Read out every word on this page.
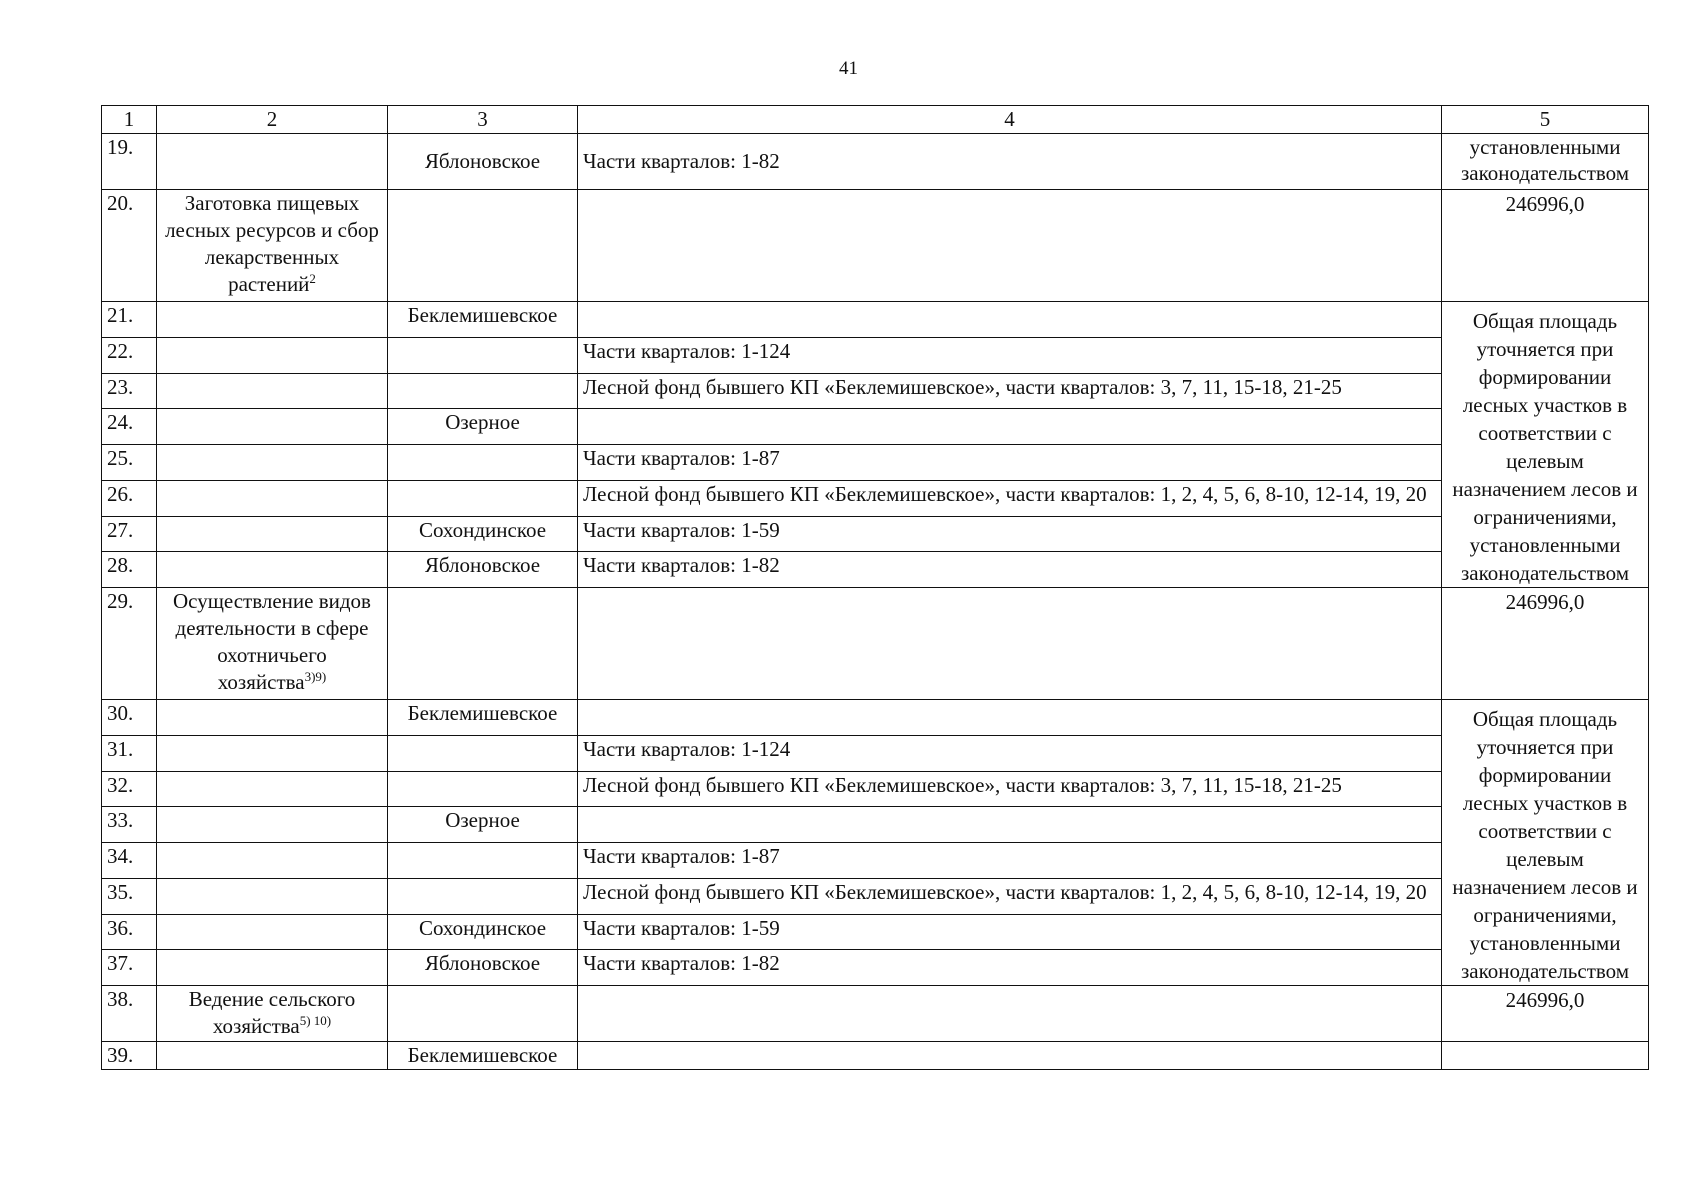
41
1	2	3	4	5
19.		Яблоновское	Части кварталов: 1-82	установленными законодательством
20.	Заготовка пищевых лесных ресурсов и сбор лекарственных растений$^2$			246996,0
21.		Беклемишевское		Общая площадь уточняется при формировании лесных участков в соответствии с целевым назначением лесов и ограничениями, установленными законодательством
22.			Части кварталов: 1-124	
23.			Лесной фонд бывшего КП «Беклемишевское», части кварталов: 3, 7, 11, 15-18, 21-25	
24.		Озерное		
25.			Части кварталов: 1-87	
26.			Лесной фонд бывшего КП «Беклемишевское», части кварталов: 1, 2, 4, 5, 6, 8-10, 12-14, 19, 20	
27.		Сохондинское	Части кварталов: 1-59	
28.		Яблоновское	Части кварталов: 1-82	
29.	Осуществление видов деятельности в сфере охотничьего хозяйства$^{3)9)}$			246996,0
30.		Беклемишевское		Общая площадь уточняется при формировании лесных участков в соответствии с целевым назначением лесов и ограничениями, установленными законодательством
31.			Части кварталов: 1-124	
32.			Лесной фонд бывшего КП «Беклемишевское», части кварталов: 3, 7, 11, 15-18, 21-25	
33.		Озерное		
34.			Части кварталов: 1-87	
35.			Лесной фонд бывшего КП «Беклемишевское», части кварталов: 1, 2, 4, 5, 6, 8-10, 12-14, 19, 20	
36.		Сохондинское	Части кварталов: 1-59	
37.		Яблоновское	Части кварталов: 1-82	
38.	Ведение сельского хозяйства$^{5) 10)}$			246996,0
39.		Беклемишевское		
